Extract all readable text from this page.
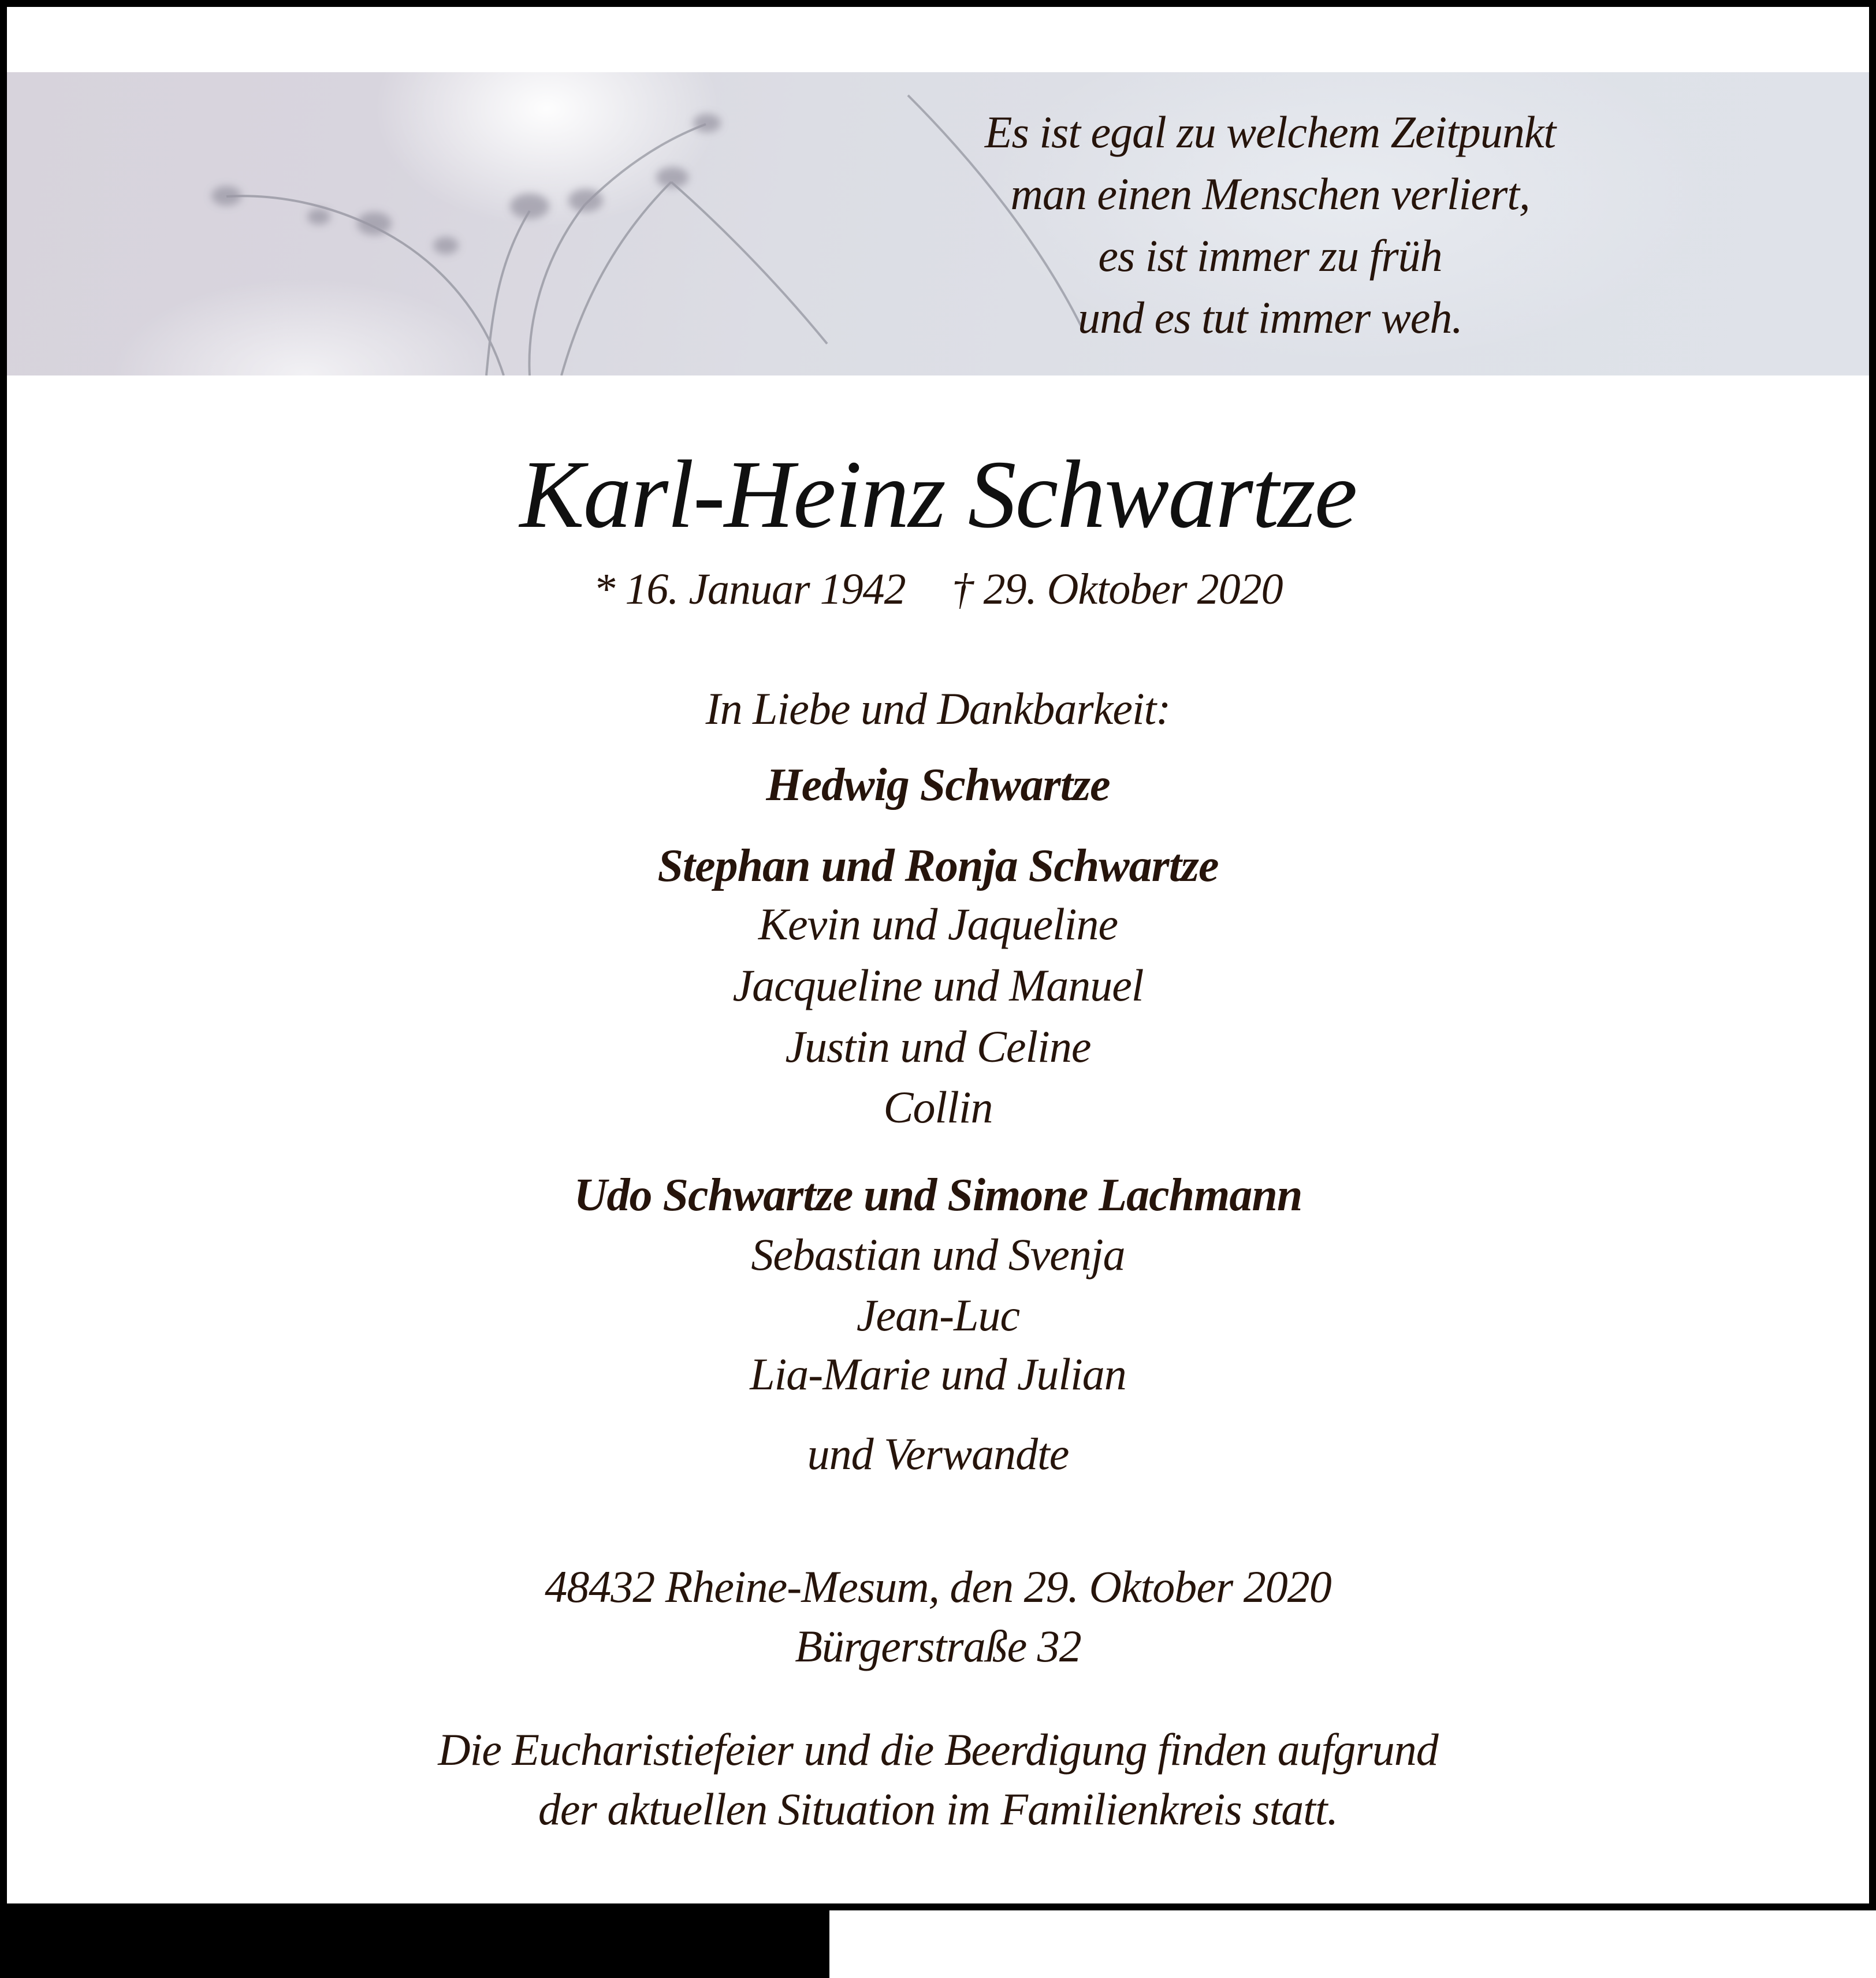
Es ist egal zu welchem Zeitpunkt
man einen Menschen verliert,
es ist immer zu früh
und es tut immer weh.
Karl-Heinz Schwartze
* 16. Januar 1942 † 29. Oktober 2020
In Liebe und Dankbarkeit:
Hedwig Schwartze
Stephan und Ronja Schwartze
Kevin und Jaqueline
Jacqueline und Manuel
Justin und Celine
Collin
Udo Schwartze und Simone Lachmann
Sebastian und Svenja
Jean-Luc
Lia-Marie und Julian
und Verwandte
48432 Rheine-Mesum, den 29. Oktober 2020
Bürgerstraße 32
Die Eucharistiefeier und die Beerdigung finden aufgrund
der aktuellen Situation im Familienkreis statt.
